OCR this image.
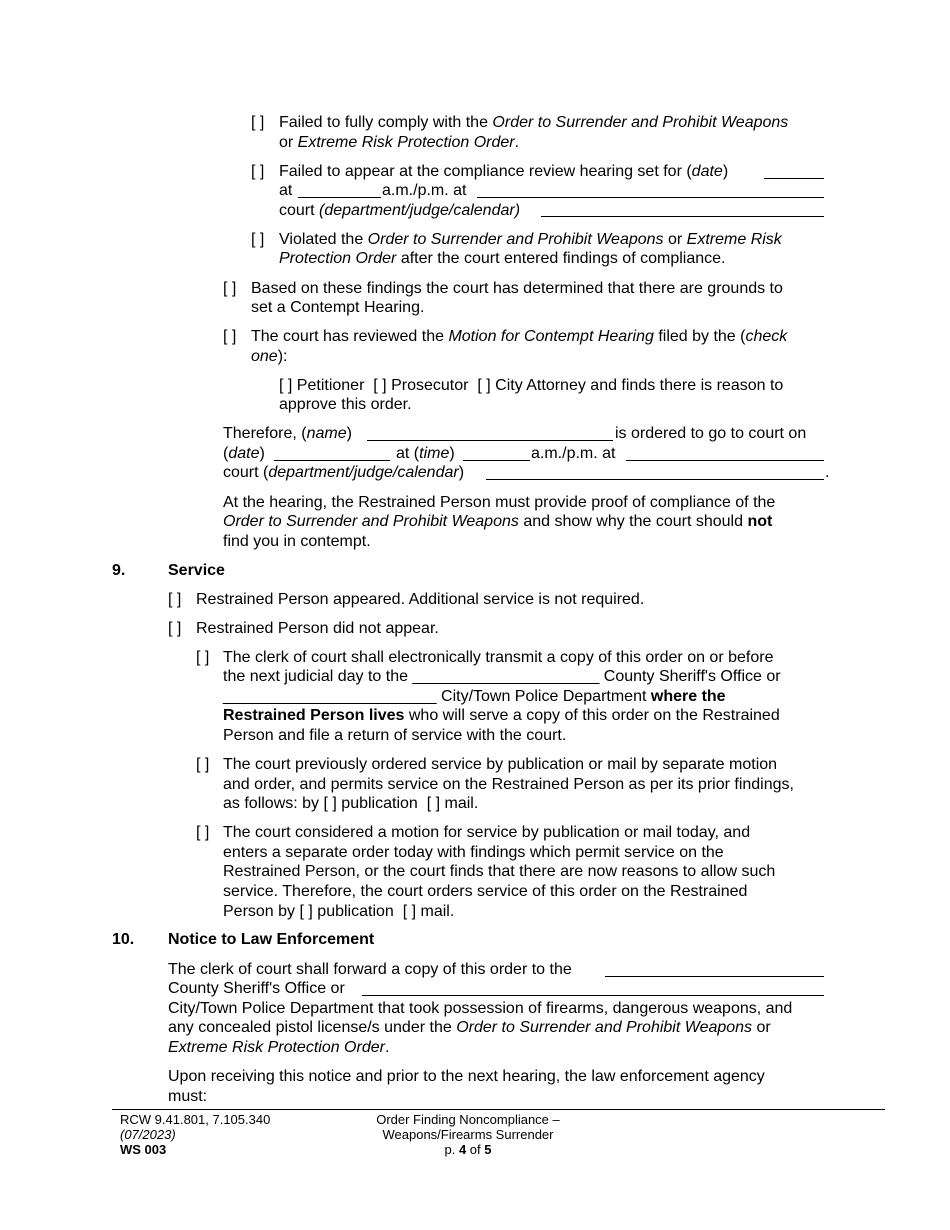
[ ] Failed to fully comply with the Order to Surrender and Prohibit Weapons
or Extreme Risk Protection Order.
[ ] Failed to appear at the compliance review hearing set for (date)
at	a.m./p.m. at
court (department/judge/calendar)
[ ] Violated the Order to Surrender and Prohibit Weapons or Extreme Risk
Protection Order after the court entered findings of compliance.
[ ] Based on these findings the court has determined that there are grounds to
set a Contempt Hearing.
[ ] The court has reviewed the Motion for Contempt Hearing filed by the (check
one):
[ ] Petitioner [ ] Prosecutor [ ] City Attorney and finds there is reason to
approve this order.
Therefore, (name)	is ordered to go to court on
(date)	at (time)	a.m./p.m. at
court (department/judge/calendar)	.
At the hearing, the Restrained Person must provide proof of compliance of the
Order to Surrender and Prohibit Weapons and show why the court should not
find you in contempt.
9.	Service
[ ] Restrained Person appeared. Additional service is not required.
[ ] Restrained Person did not appear.
[ ] The clerk of court shall electronically transmit a copy of this order on or before
the next judicial day to the _____________________ County Sheriff's Office or
________________________ City/Town Police Department where the
Restrained Person lives who will serve a copy of this order on the Restrained
Person and file a return of service with the court.
[ ] The court previously ordered service by publication or mail by separate motion
and order, and permits service on the Restrained Person as per its prior findings,
as follows: by [ ] publication [ ] mail.
[ ] The court considered a motion for service by publication or mail today, and
enters a separate order today with findings which permit service on the
Restrained Person, or the court finds that there are now reasons to allow such
service. Therefore, the court orders service of this order on the Restrained
Person by [ ] publication [ ] mail.
10. Notice to Law Enforcement
The clerk of court shall forward a copy of this order to the
County Sheriff's Office or
City/Town Police Department that took possession of firearms, dangerous weapons, and
any concealed pistol license/s under the Order to Surrender and Prohibit Weapons or
Extreme Risk Protection Order.
Upon receiving this notice and prior to the next hearing, the law enforcement agency
must:
RCW 9.41.801, 7.105.340
(07/2023)
WS 003
Order Finding Noncompliance –
Weapons/Firearms Surrender
p. 4 of 5
